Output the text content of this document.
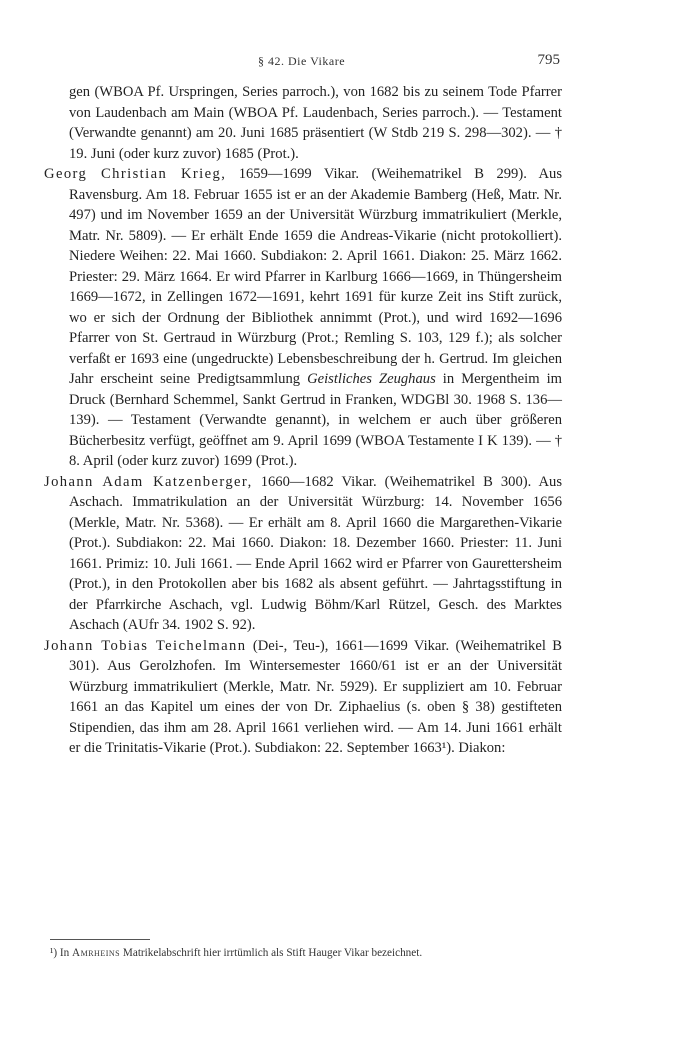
§ 42. Die Vikare	795

gen (WBOA Pf. Urspringen, Series parroch.), von 1682 bis zu seinem Tode Pfarrer von Laudenbach am Main (WBOA Pf. Laudenbach, Series parroch.). — Testament (Verwandte genannt) am 20. Juni 1685 präsentiert (W Stdb 219 S. 298—302). — † 19. Juni (oder kurz zuvor) 1685 (Prot.).

Georg Christian Krieg, 1659—1699 Vikar. (Weihematrikel B 299). Aus Ravensburg. Am 18. Februar 1655 ist er an der Akademie Bamberg (Heß, Matr. Nr. 497) und im November 1659 an der Universität Würzburg immatrikuliert (Merkle, Matr. Nr. 5809). — Er erhält Ende 1659 die Andreas-Vikarie (nicht protokolliert). Niedere Weihen: 22. Mai 1660. Subdiakon: 2. April 1661. Diakon: 25. März 1662. Priester: 29. März 1664. Er wird Pfarrer in Karlburg 1666—1669, in Thüngersheim 1669—1672, in Zellingen 1672—1691, kehrt 1691 für kurze Zeit ins Stift zurück, wo er sich der Ordnung der Bibliothek annimmt (Prot.), und wird 1692—1696 Pfarrer von St. Gertraud in Würzburg (Prot.; Remling S. 103, 129 f.); als solcher verfaßt er 1693 eine (ungedruckte) Lebensbeschreibung der h. Gertrud. Im gleichen Jahr erscheint seine Predigtsammlung Geistliches Zeughaus in Mergentheim im Druck (Bernhard Schemmel, Sankt Gertrud in Franken, WDGBl 30. 1968 S. 136—139). — Testament (Verwandte genannt), in welchem er auch über größeren Bücherbesitz verfügt, geöffnet am 9. April 1699 (WBOA Testamente I K 139). — † 8. April (oder kurz zuvor) 1699 (Prot.).

Johann Adam Katzenberger, 1660—1682 Vikar. (Weihematrikel B 300). Aus Aschach. Immatrikulation an der Universität Würzburg: 14. November 1656 (Merkle, Matr. Nr. 5368). — Er erhält am 8. April 1660 die Margarethen-Vikarie (Prot.). Subdiakon: 22. Mai 1660. Diakon: 18. Dezember 1660. Priester: 11. Juni 1661. Primiz: 10. Juli 1661. — Ende April 1662 wird er Pfarrer von Gaurettersheim (Prot.), in den Protokollen aber bis 1682 als absent geführt. — Jahrtagsstiftung in der Pfarrkirche Aschach, vgl. Ludwig Böhm/Karl Rützel, Gesch. des Marktes Aschach (AUfr 34. 1902 S. 92).

Johann Tobias Teichelmann (Dei-, Teu-), 1661—1699 Vikar. (Weihematrikel B 301). Aus Gerolzhofen. Im Wintersemester 1660/61 ist er an der Universität Würzburg immatrikuliert (Merkle, Matr. Nr. 5929). Er suppliziert am 10. Februar 1661 an das Kapitel um eines der von Dr. Ziphaelius (s. oben § 38) gestifteten Stipendien, das ihm am 28. April 1661 verliehen wird. — Am 14. Juni 1661 erhält er die Trinitatis-Vikarie (Prot.). Subdiakon: 22. September 1663¹). Diakon:

¹) In Amrheins Matrikelabschrift hier irrtümlich als Stift Hauger Vikar bezeichnet.
